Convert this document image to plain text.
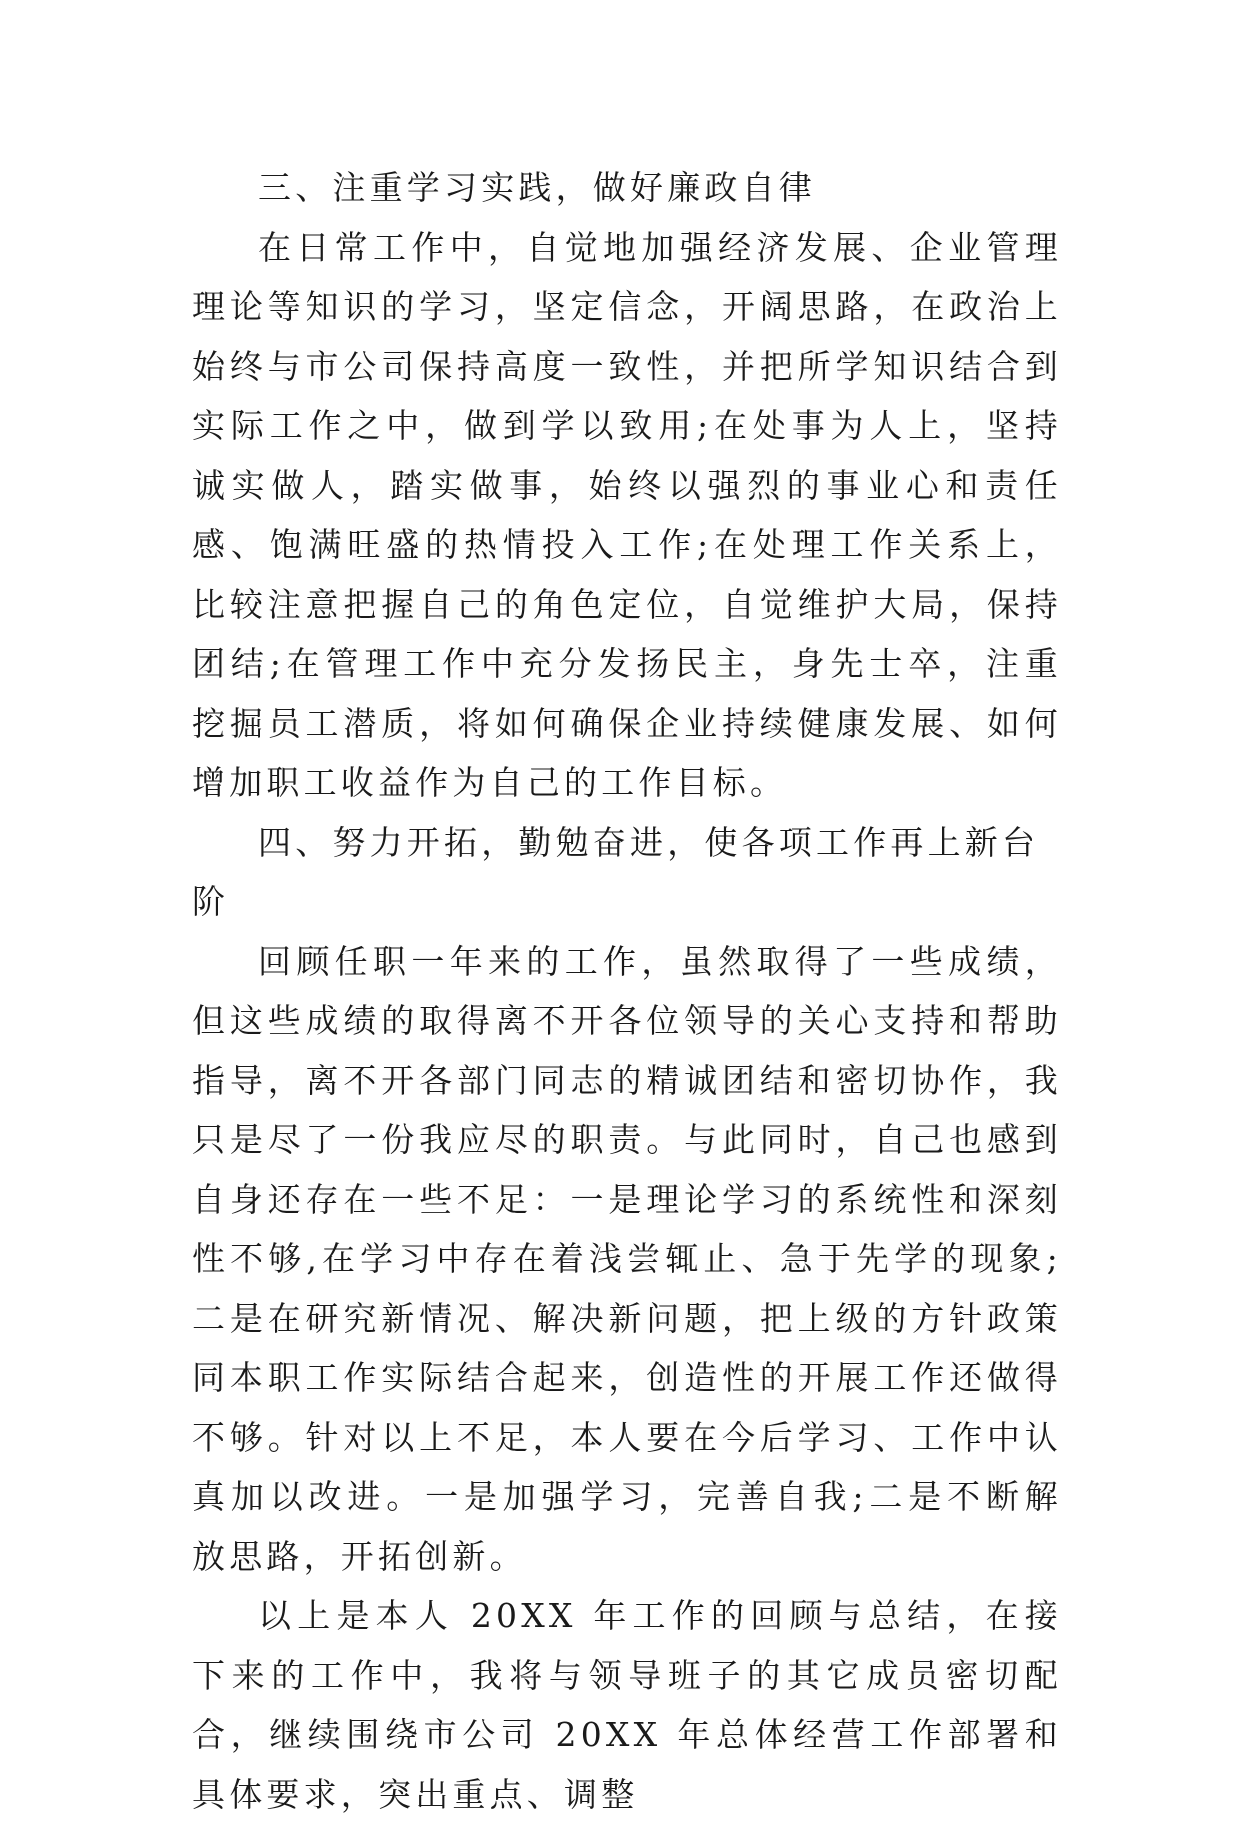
三、注重学习实践，做好廉政自律

在日常工作中，自觉地加强经济发展、企业管理理论等知识的学习，坚定信念，开阔思路，在政治上始终与市公司保持高度一致性，并把所学知识结合到实际工作之中，做到学以致用;在处事为人上，坚持诚实做人，踏实做事，始终以强烈的事业心和责任感、饱满旺盛的热情投入工作;在处理工作关系上，比较注意把握自己的角色定位，自觉维护大局，保持团结;在管理工作中充分发扬民主，身先士卒，注重挖掘员工潜质，将如何确保企业持续健康发展、如何增加职工收益作为自己的工作目标。

四、努力开拓，勤勉奋进，使各项工作再上新台阶

回顾任职一年来的工作，虽然取得了一些成绩，但这些成绩的取得离不开各位领导的关心支持和帮助指导，离不开各部门同志的精诚团结和密切协作，我只是尽了一份我应尽的职责。与此同时，自己也感到自身还存在一些不足：一是理论学习的系统性和深刻性不够,在学习中存在着浅尝辄止、急于先学的现象;二是在研究新情况、解决新问题，把上级的方针政策同本职工作实际结合起来，创造性的开展工作还做得不够。针对以上不足，本人要在今后学习、工作中认真加以改进。一是加强学习，完善自我;二是不断解放思路，开拓创新。

以上是本人 20XX 年工作的回顾与总结，在接下来的工作中，我将与领导班子的其它成员密切配合，继续围绕市公司 20XX 年总体经营工作部署和具体要求，突出重点、调整
